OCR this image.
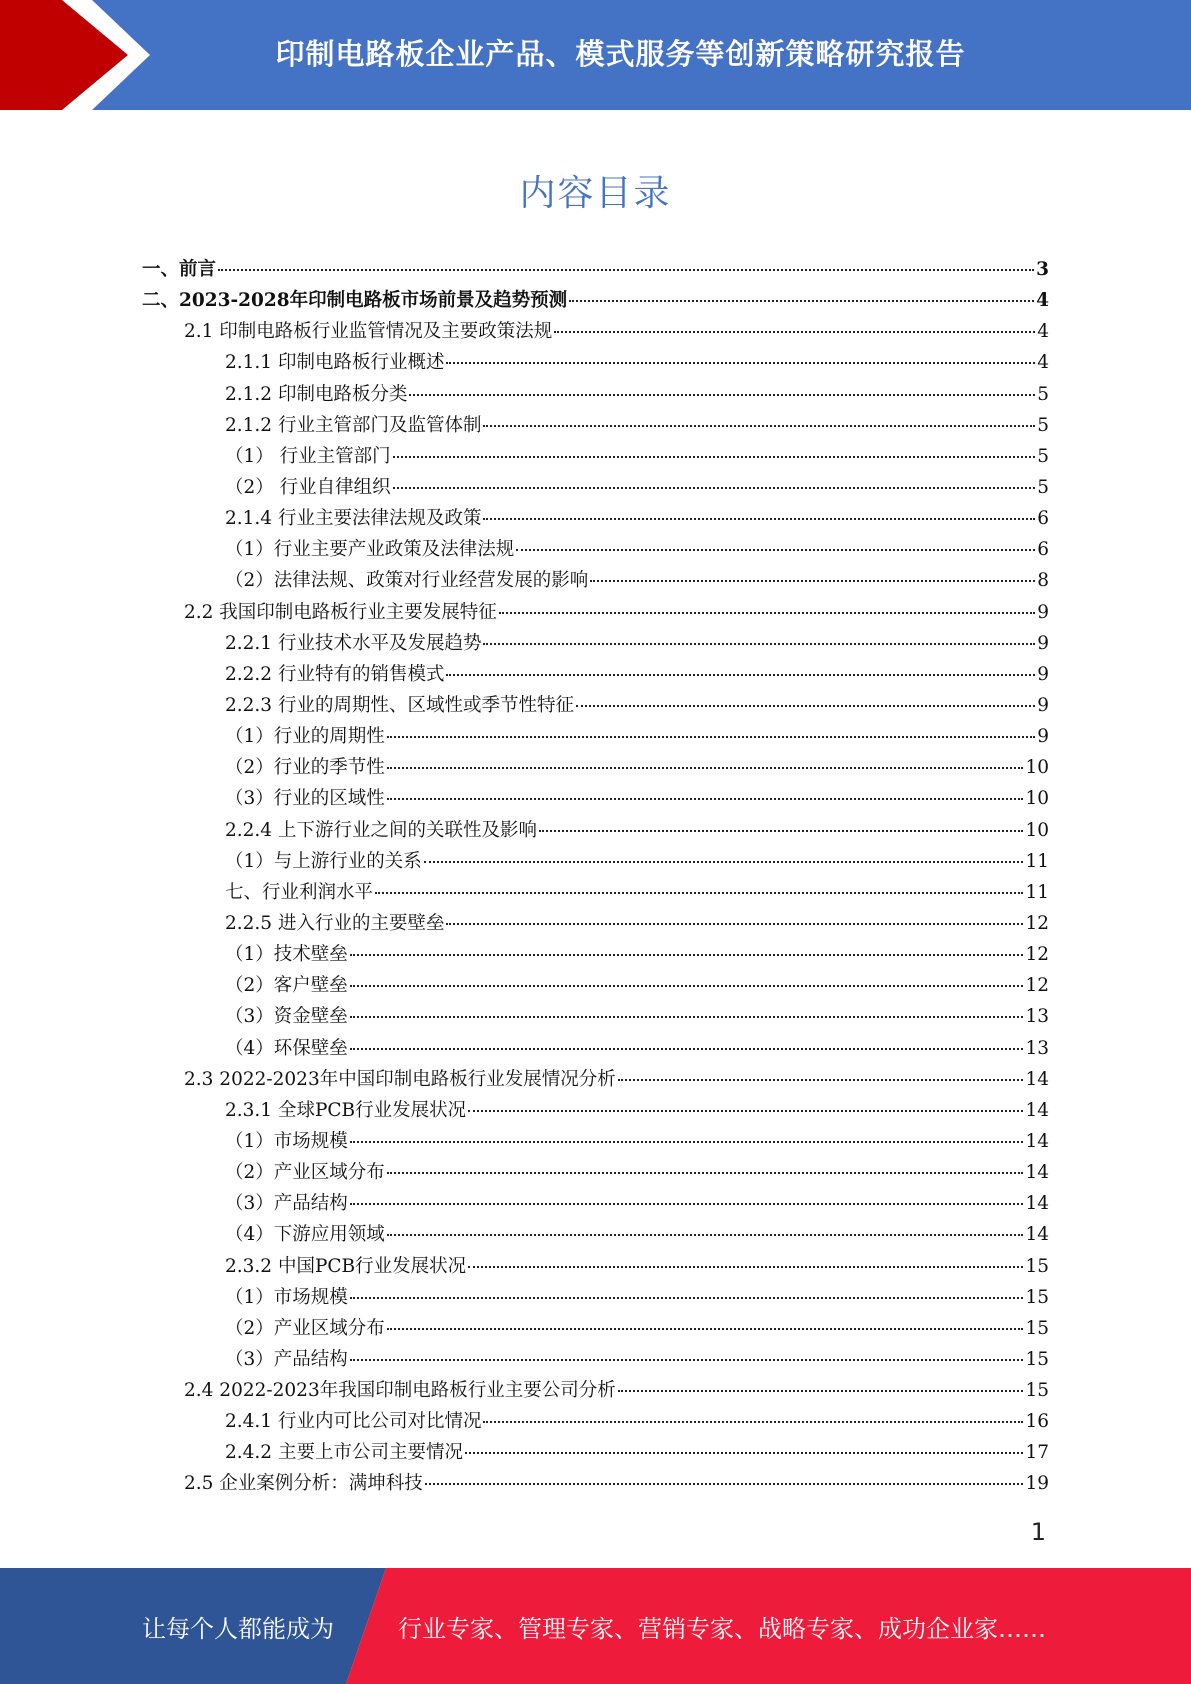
印制电路板企业产品、模式服务等创新策略研究报告
内容目录
一、前言	3
二、2023-2028年印制电路板市场前景及趋势预测	4
2.1 印制电路板行业监管情况及主要政策法规	4
2.1.1 印制电路板行业概述	4
2.1.2 印制电路板分类	5
2.1.2 行业主管部门及监管体制	5
（1） 行业主管部门	5
（2） 行业自律组织	5
2.1.4 行业主要法律法规及政策	6
（1）行业主要产业政策及法律法规	6
（2）法律法规、政策对行业经营发展的影响	8
2.2 我国印制电路板行业主要发展特征	9
2.2.1 行业技术水平及发展趋势	9
2.2.2 行业特有的销售模式	9
2.2.3 行业的周期性、区域性或季节性特征	9
（1）行业的周期性	9
（2）行业的季节性	10
（3）行业的区域性	10
2.2.4 上下游行业之间的关联性及影响	10
（1）与上游行业的关系	11
七、行业利润水平	11
2.2.5 进入行业的主要壁垒	12
（1）技术壁垒	12
（2）客户壁垒	12
（3）资金壁垒	13
（4）环保壁垒	13
2.3 2022-2023年中国印制电路板行业发展情况分析	14
2.3.1 全球PCB行业发展状况	14
（1）市场规模	14
（2）产业区域分布	14
（3）产品结构	14
（4）下游应用领域	14
2.3.2 中国PCB行业发展状况	15
（1）市场规模	15
（2）产业区域分布	15
（3）产品结构	15
2.4 2022-2023年我国印制电路板行业主要公司分析	15
2.4.1 行业内可比公司对比情况	16
2.4.2 主要上市公司主要情况	17
2.5 企业案例分析：满坤科技	19
1
让每个人都能成为	行业专家、管理专家、营销专家、战略专家、成功企业家……
